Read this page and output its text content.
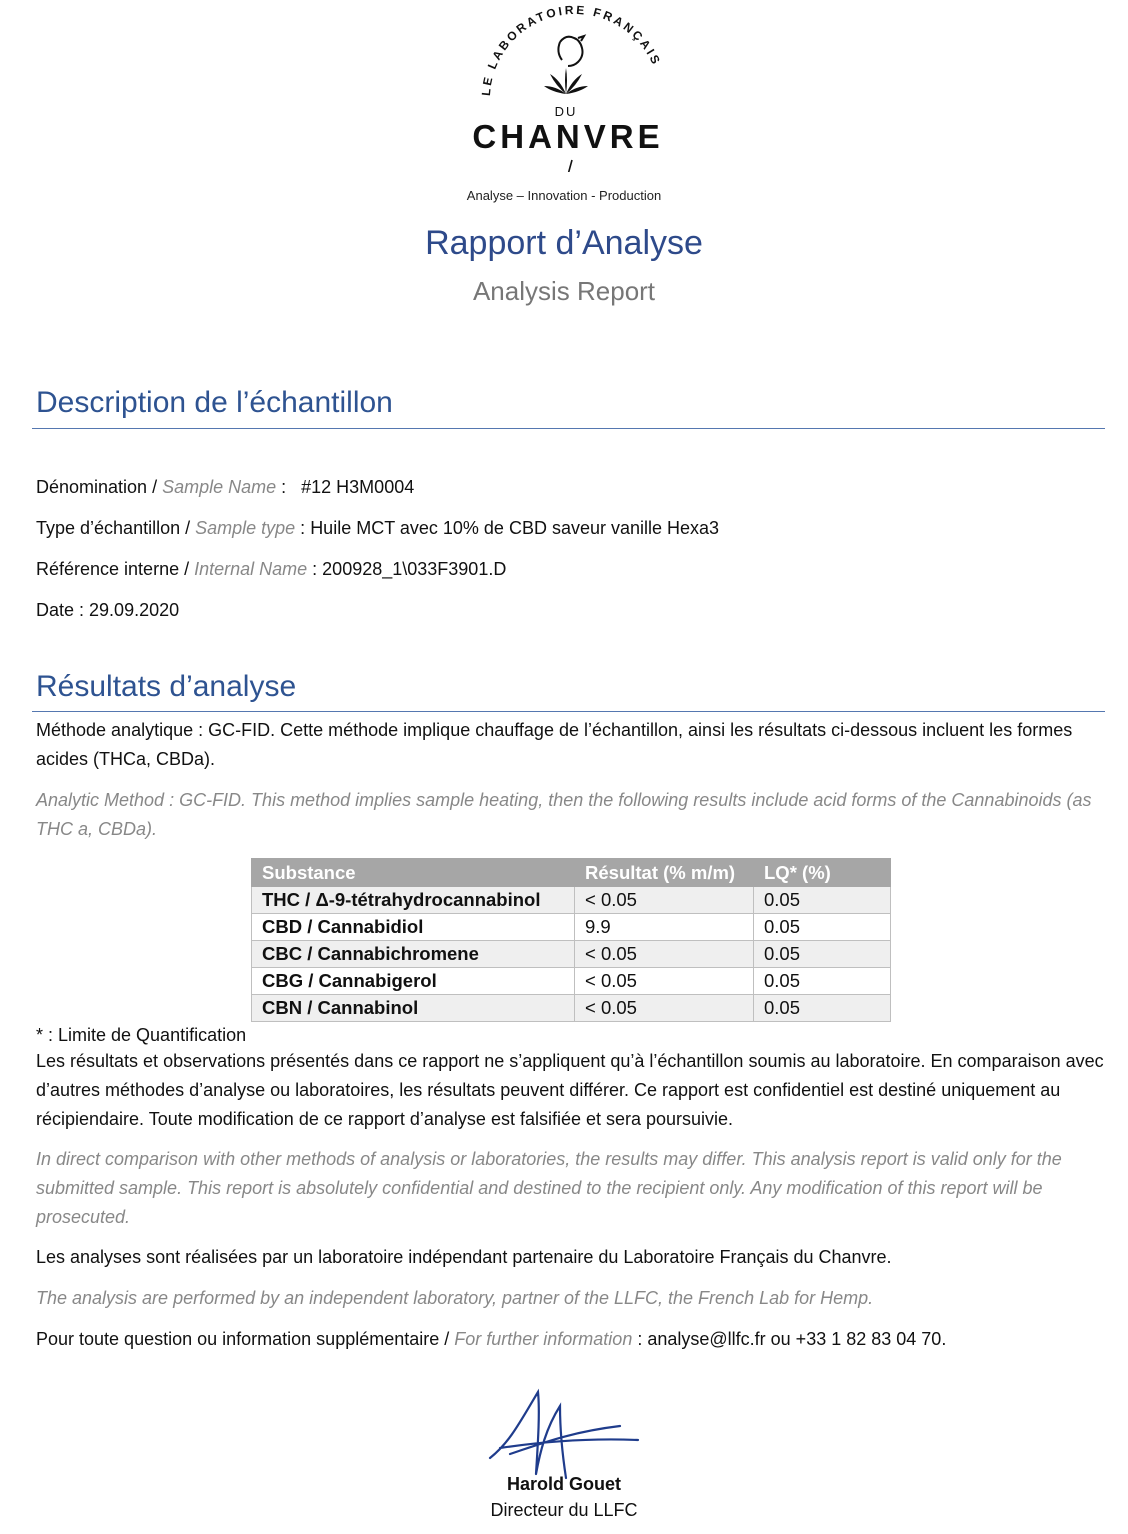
LE LABORATOIRE FRANÇAIS
DU
CHANVRE
Analyse – Innovation - Production
Rapport d’Analyse
Analysis Report
Description de l’échantillon
Dénomination / Sample Name :   #12 H3M0004
Type d’échantillon / Sample type : Huile MCT avec 10% de CBD saveur vanille Hexa3
Référence interne / Internal Name : 200928_1\033F3901.D
Date : 29.09.2020
Résultats d’analyse
Méthode analytique : GC-FID. Cette méthode implique chauffage de l’échantillon, ainsi les résultats ci-dessous incluent les formes acides (THCa, CBDa).
Analytic Method : GC-FID. This method implies sample heating, then the following results include acid forms of the Cannabinoids (as THC a, CBDa).
Substance	Résultat (% m/m)	LQ* (%)
THC / Δ-9-tétrahydrocannabinol	< 0.05	0.05
CBD / Cannabidiol	9.9	0.05
CBC / Cannabichromene	< 0.05	0.05
CBG / Cannabigerol	< 0.05	0.05
CBN / Cannabinol	< 0.05	0.05
* : Limite de Quantification
Les résultats et observations présentés dans ce rapport ne s’appliquent qu’à l’échantillon soumis au laboratoire. En comparaison avec d’autres méthodes d’analyse ou laboratoires, les résultats peuvent différer. Ce rapport est confidentiel est destiné uniquement au récipiendaire. Toute modification de ce rapport d’analyse est falsifiée et sera poursuivie.
In direct comparison with other methods of analysis or laboratories, the results may differ. This analysis report is valid only for the submitted sample. This report is absolutely confidential and destined to the recipient only. Any modification of this report will be prosecuted.
Les analyses sont réalisées par un laboratoire indépendant partenaire du Laboratoire Français du Chanvre.
The analysis are performed by an independent laboratory, partner of the LLFC, the French Lab for Hemp.
Pour toute question ou information supplémentaire / For further information : analyse@llfc.fr ou +33 1 82 83 04 70.
Harold Gouet
Directeur du LLFC
